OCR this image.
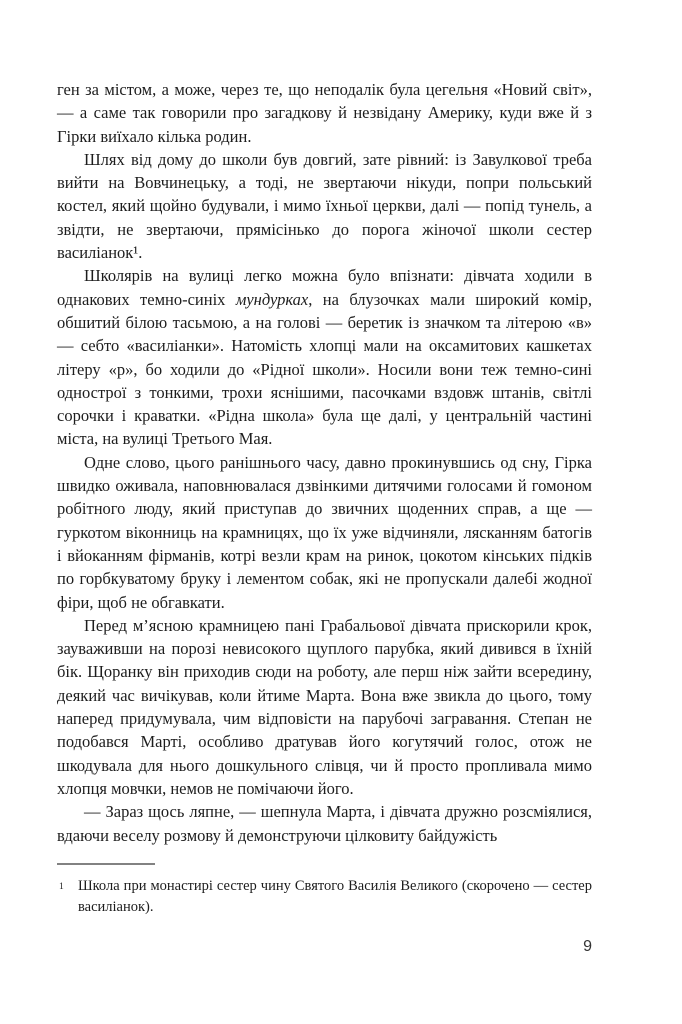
ген за містом, а може, через те, що неподалік була цегельня «Новий світ», — а саме так говорили про загадкову й незвідану Америку, куди вже й з Гірки виїхало кілька родин.

Шлях від дому до школи був довгий, зате рівний: із Завулкової треба вийти на Вовчинецьку, а тоді, не звертаючи нікуди, попри польський костел, який щойно будували, і мимо їхньої церкви, далі — попід тунель, а звідти, не звертаючи, прямісінько до порога жіночої школи сестер василіанок¹.

Школярів на вулиці легко можна було впізнати: дівчата ходили в однакових темно-синіх мундурках, на блузочках мали широкий комір, обшитий білою тасьмою, а на голові — беретик із значком та літерою «в» — себто «василіанки». Натомість хлопці мали на оксамитових кашкетах літеру «р», бо ходили до «Рідної школи». Носили вони теж темно-сині однострої з тонкими, трохи яснішими, пасочками вздовж штанів, світлі сорочки і краватки. «Рідна школа» була ще далі, у центральній частині міста, на вулиці Третього Мая.

Одне слово, цього ранішнього часу, давно прокинувшись од сну, Гірка швидко оживала, наповнювалася дзвінкими дитячими голосами й гомоном робітного люду, який приступав до звичних щоденних справ, а ще — гуркотом віконниць на крамницях, що їх уже відчиняли, лясканням батогів і вйоканням фірманів, котрі везли крам на ринок, цокотом кінських підків по горбкуватому бруку і лементом собак, які не пропускали далебі жодної фіри, щоб не обгавкати.

Перед м’ясною крамницею пані Грабальової дівчата прискорили крок, зауваживши на порозі невисокого щуплого парубка, який дивився в їхній бік. Щоранку він приходив сюди на роботу, але перш ніж зайти всередину, деякий час вичікував, коли йтиме Марта. Вона вже звикла до цього, тому наперед придумувала, чим відповісти на парубочі загравання. Степан не подобався Марті, особливо дратував його когутячий голос, отож не шкодувала для нього дошкульного слівця, чи й просто пропливала мимо хлопця мовчки, немов не помічаючи його.

— Зараз щось ляпне, — шепнула Марта, і дівчата дружно розсміялися, вдаючи веселу розмову й демонструючи цілковиту байдужість

1 Школа при монастирі сестер чину Святого Василія Великого (скорочено — сестер василіанок).
9
